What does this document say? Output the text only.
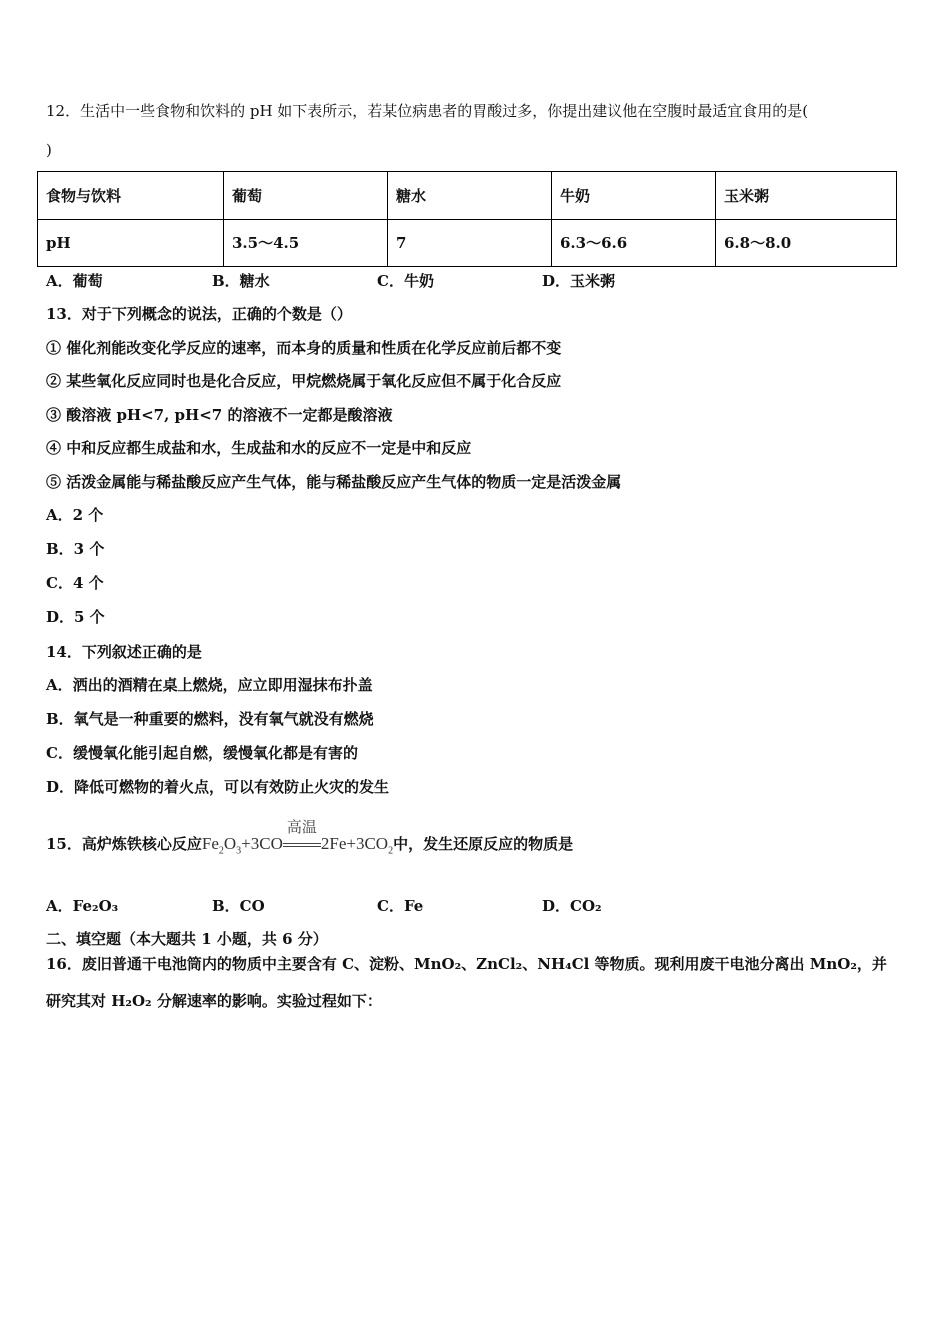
12．生活中一些食物和饮料的 pH 如下表所示，若某位病患者的胃酸过多，你提出建议他在空腹时最适宜食用的是(
)
食物与饮料	葡萄	糖水	牛奶	玉米粥
pH	3.5～4.5	7	6.3～6.6	6.8～8.0
A．葡萄	B．糖水	C．牛奶	D．玉米粥
13．对于下列概念的说法，正确的个数是（）
① 催化剂能改变化学反应的速率，而本身的质量和性质在化学反应前后都不变
② 某些氧化反应同时也是化合反应，甲烷燃烧属于氧化反应但不属于化合反应
③ 酸溶液 pH<7, pH<7 的溶液不一定都是酸溶液
④ 中和反应都生成盐和水，生成盐和水的反应不一定是中和反应
⑤ 活泼金属能与稀盐酸反应产生气体，能与稀盐酸反应产生气体的物质一定是活泼金属
A．2 个
B．3 个
C．4 个
D．5 个
14．下列叙述正确的是
A．洒出的酒精在桌上燃烧，应立即用湿抹布扑盖
B．氧气是一种重要的燃料，没有氧气就没有燃烧
C．缓慢氧化能引起自燃，缓慢氧化都是有害的
D．降低可燃物的着火点，可以有效防止火灾的发生
15．高炉炼铁核心反应$Fe_2O_3+3CO$
高温
$2Fe+3CO_2$中，发生还原反应的物质是
A．Fe₂O₃	B．CO	C．Fe	D．CO₂
二、填空题（本大题共 1 小题，共 6 分）
16．废旧普通干电池筒内的物质中主要含有 C、淀粉、MnO₂、ZnCl₂、NH₄Cl 等物质。现利用废干电池分离出 MnO₂，并
研究其对 H₂O₂ 分解速率的影响。实验过程如下：
